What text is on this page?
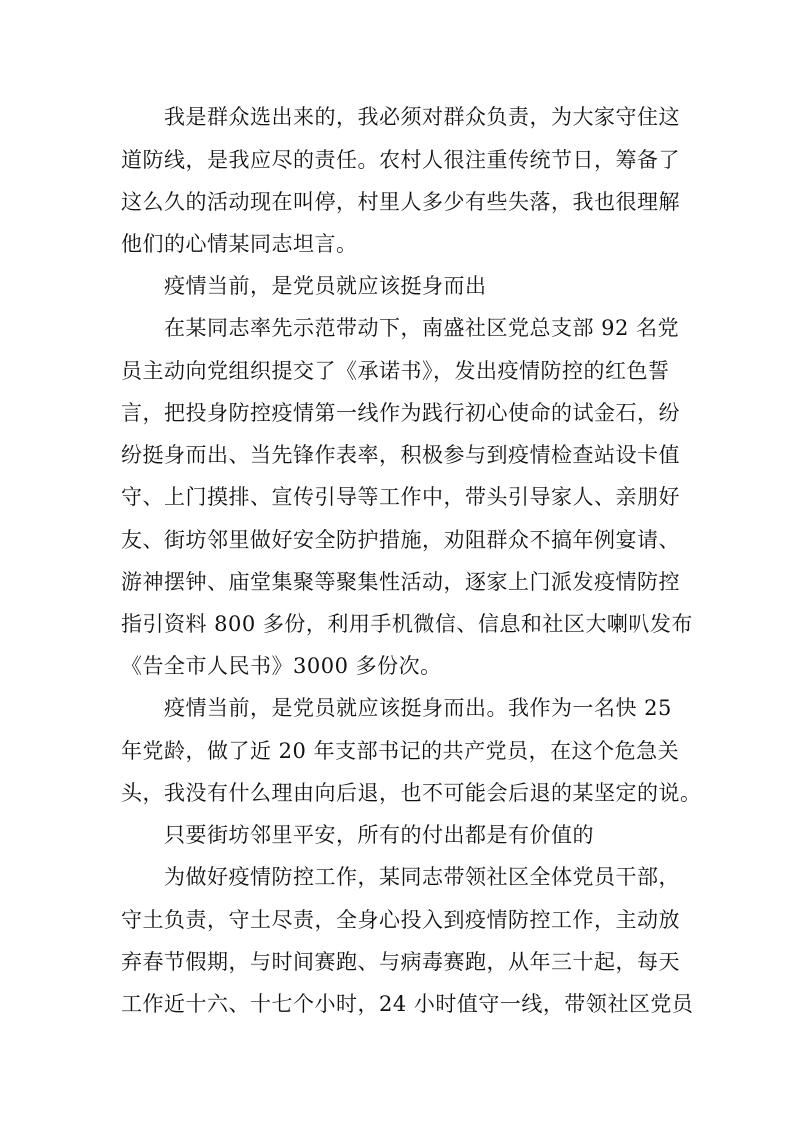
我是群众选出来的，我必须对群众负责，为大家守住这
道防线，是我应尽的责任。农村人很注重传统节日，筹备了
这么久的活动现在叫停，村里人多少有些失落，我也很理解
他们的心情某同志坦言。
疫情当前，是党员就应该挺身而出
在某同志率先示范带动下，南盛社区党总支部 92 名党
员主动向党组织提交了《承诺书》，发出疫情防控的红色誓
言，把投身防控疫情第一线作为践行初心使命的试金石，纷
纷挺身而出、当先锋作表率，积极参与到疫情检查站设卡值
守、上门摸排、宣传引导等工作中，带头引导家人、亲朋好
友、街坊邻里做好安全防护措施，劝阻群众不搞年例宴请、
游神摆钟、庙堂集聚等聚集性活动，逐家上门派发疫情防控
指引资料 800 多份，利用手机微信、信息和社区大喇叭发布
《告全市人民书》3000 多份次。
疫情当前，是党员就应该挺身而出。我作为一名快 25
年党龄，做了近 20 年支部书记的共产党员，在这个危急关
头，我没有什么理由向后退，也不可能会后退的某坚定的说。
只要街坊邻里平安，所有的付出都是有价值的
为做好疫情防控工作，某同志带领社区全体党员干部，
守土负责，守土尽责，全身心投入到疫情防控工作，主动放
弃春节假期，与时间赛跑、与病毒赛跑，从年三十起，每天
工作近十六、十七个小时，24 小时值守一线，带领社区党员
